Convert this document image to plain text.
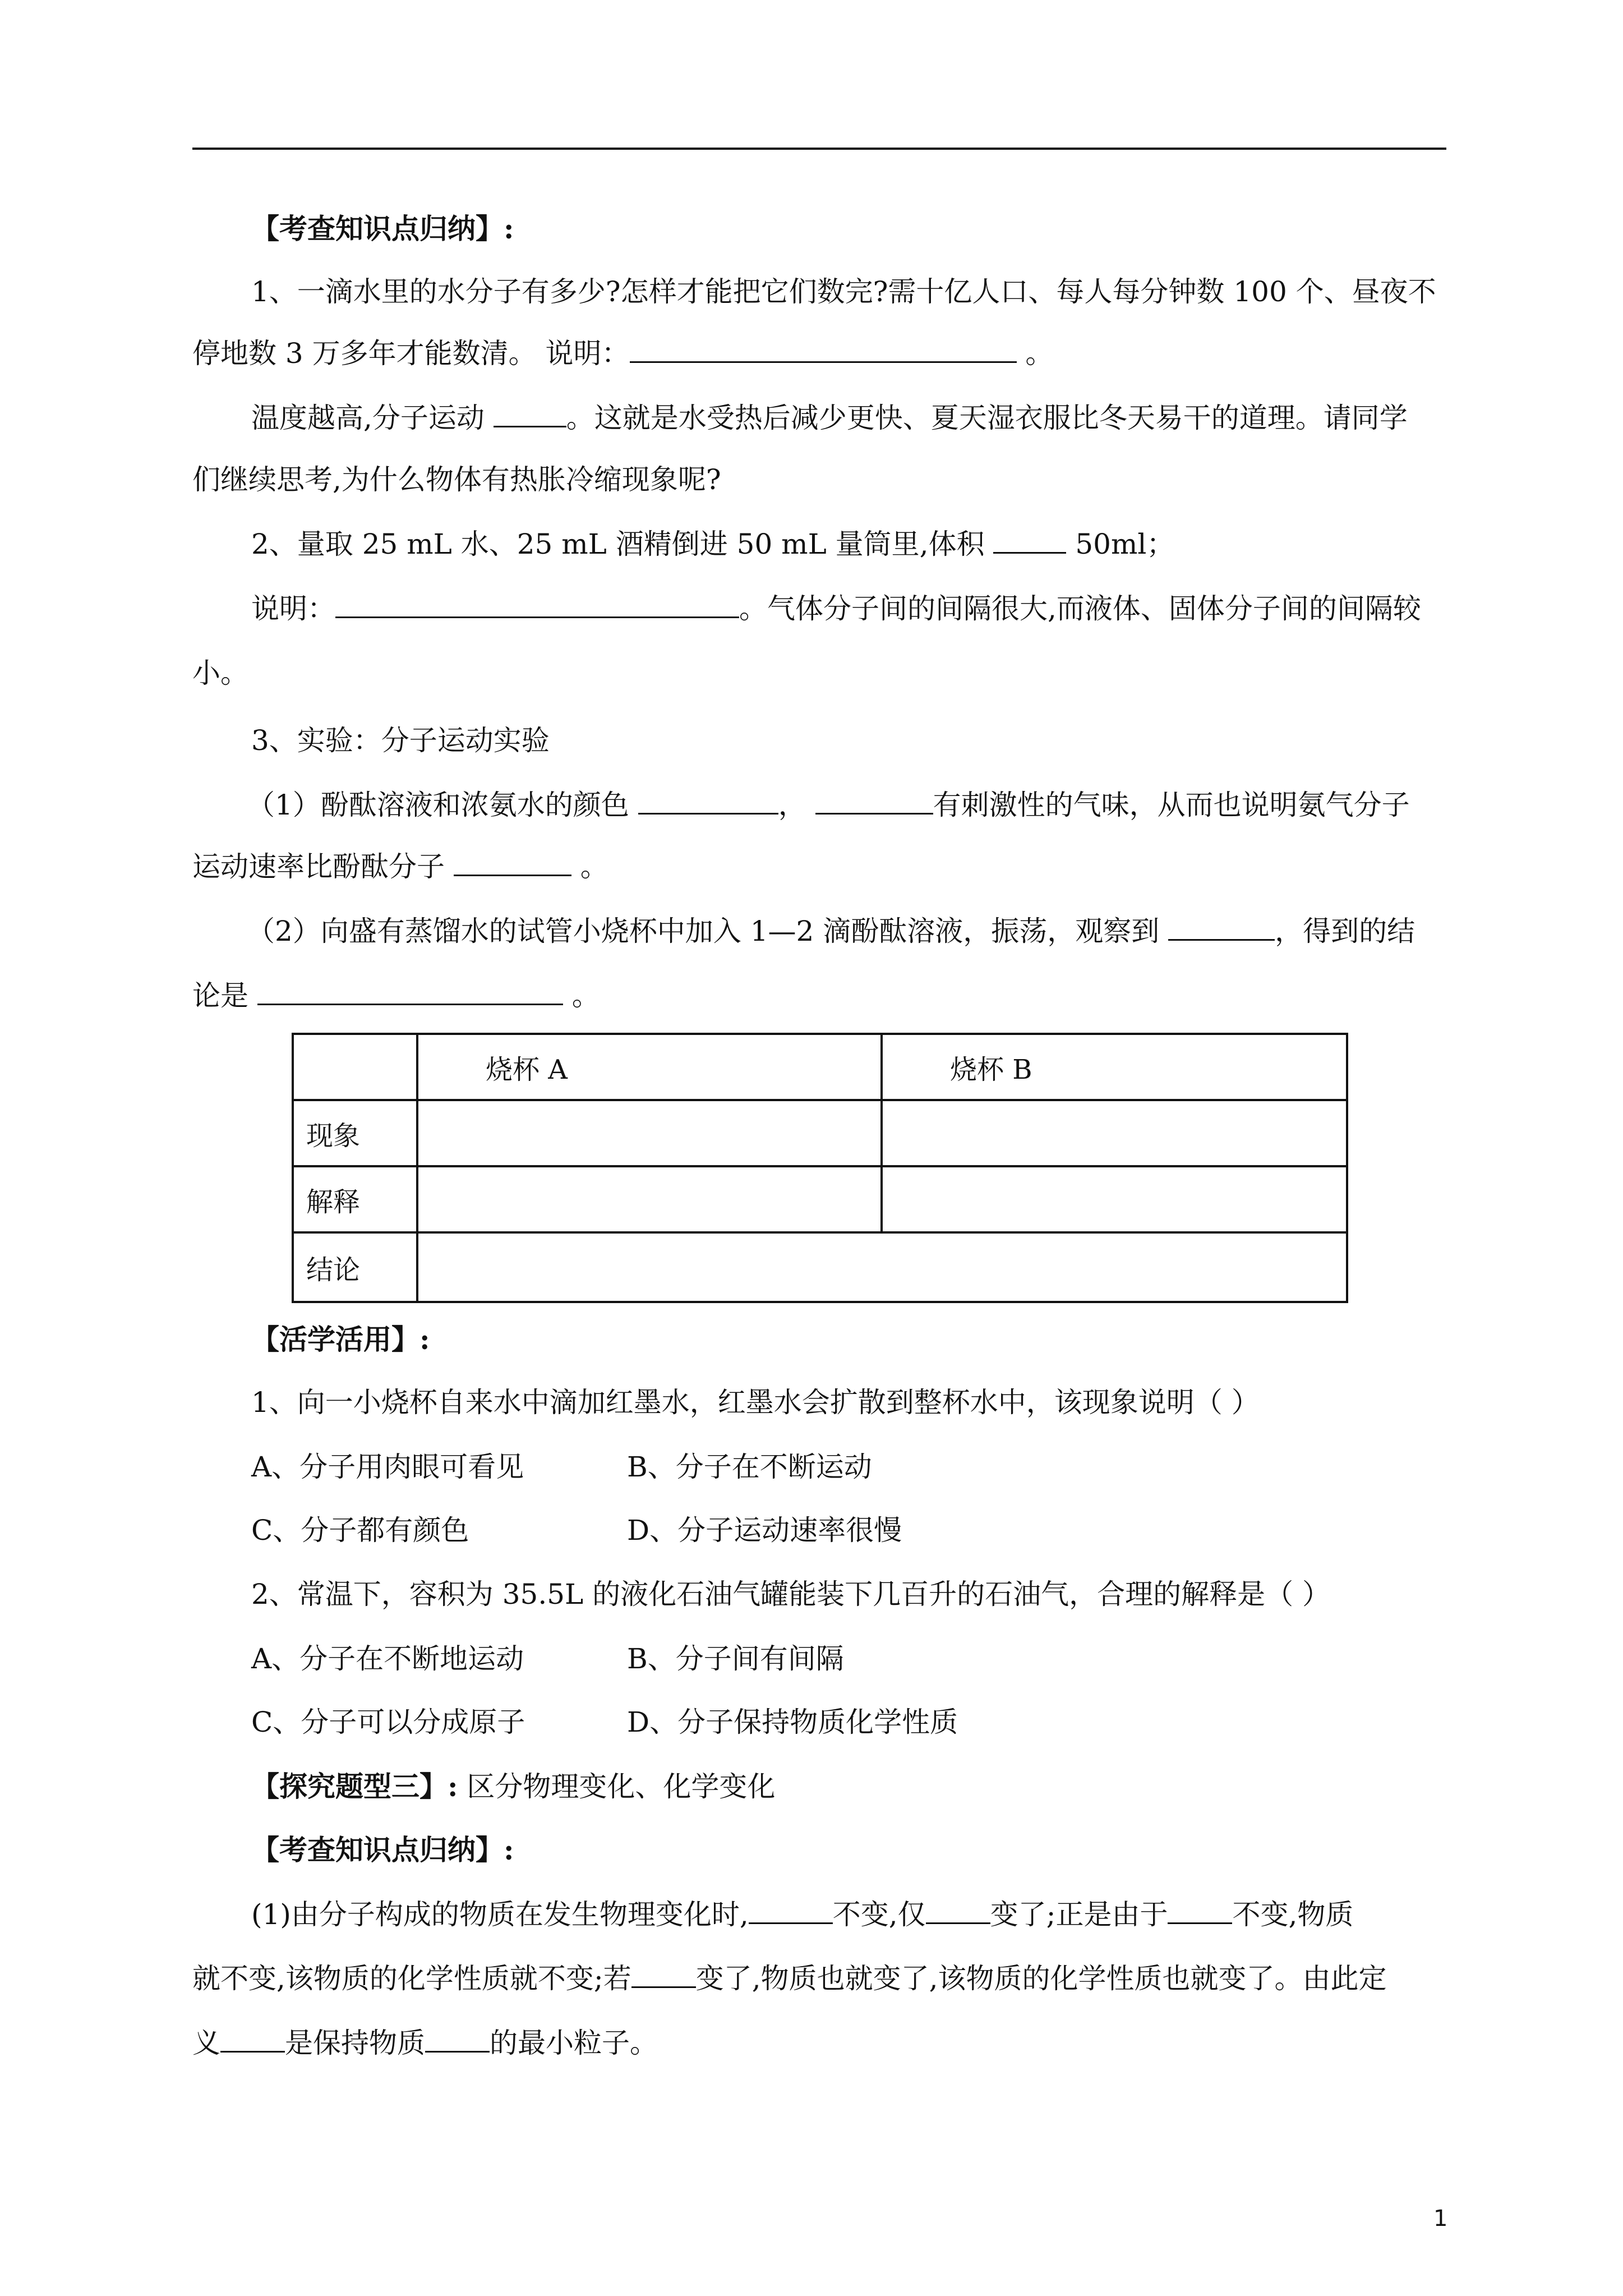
【考查知识点归纳】:
1、一滴水里的水分子有多少?怎样才能把它们数完?需十亿人口、每人每分钟数 100 个、昼夜不
停地数 3 万多年才能数清。 说明：	。
温度越高,分子运动	。这就是水受热后减少更快、夏天湿衣服比冬天易干的道理。请同学
们继续思考,为什么物体有热胀冷缩现象呢?
2、量取 25 mL 水、25 mL 酒精倒进 50 mL 量筒里,体积	50ml；
说明：	。气体分子间的间隔很大,而液体、固体分子间的间隔较
小。
3、实验：分子运动实验
（1）酚酞溶液和浓氨水的颜色	，	有刺激性的气味，从而也说明氨气分子
运动速率比酚酞分子	。
（2）向盛有蒸馏水的试管小烧杯中加入 1—2 滴酚酞溶液，振荡，观察到	，得到的结
论是	。
	烧杯 A	烧杯 B
现象		
解释		
结论		
【活学活用】:
1、向一小烧杯自来水中滴加红墨水，红墨水会扩散到整杯水中，该现象说明（ ）
A、分子用肉眼可看见	B、分子在不断运动
C、分子都有颜色	D、分子运动速率很慢
2、常温下，容积为 35.5L 的液化石油气罐能装下几百升的石油气，合理的解释是（ ）
A、分子在不断地运动	B、分子间有间隔
C、分子可以分成原子	D、分子保持物质化学性质
【探究题型三】: 区分物理变化、化学变化
【考查知识点归纳】:
(1)由分子构成的物质在发生物理变化时,	不变,仅 变了;正是由于 不变,物质
就不变,该物质的化学性质就不变;若 变了,物质也就变了,该物质的化学性质也就变了。由此定
义 是保持物质 的最小粒子。
1
